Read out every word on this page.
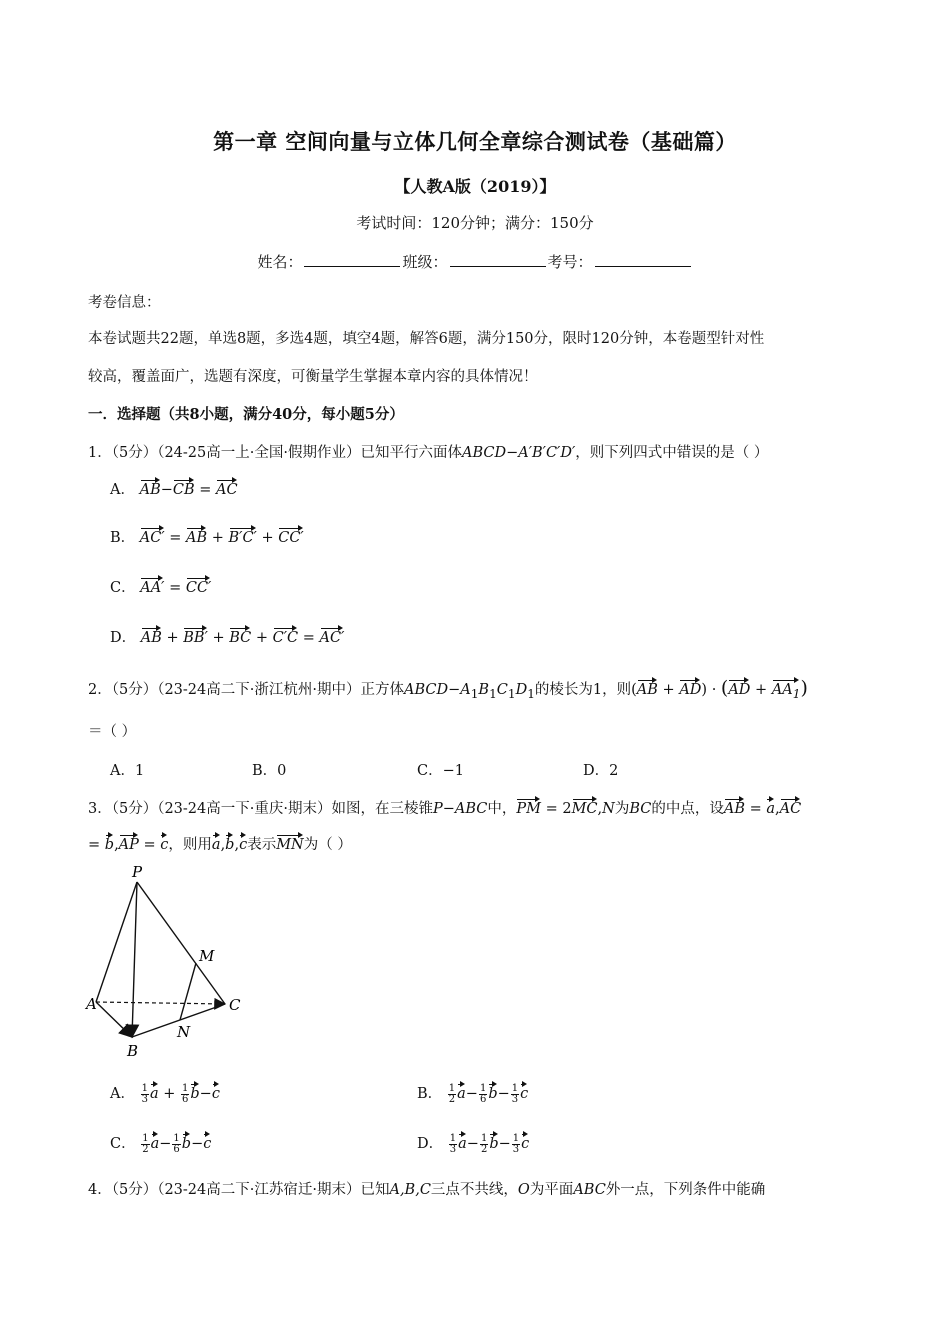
第一章 空间向量与立体几何全章综合测试卷（基础篇）
【人教A版（2019）】
考试时间：120分钟；满分：150分
姓名：	班级：	考号：
考卷信息：
本卷试题共22题，单选8题，多选4题，填空4题，解答6题，满分150分，限时120分钟，本卷题型针对性
较高，覆盖面广，选题有深度，可衡量学生掌握本章内容的具体情况！
一．选择题（共8小题，满分40分，每小题5分）
1．（5分）（24-25高一上·全国·假期作业）已知平行六面体ABCD−A′B′C′D′，则下列四式中错误的是（ ）
A． AB−CB = AC
B． AC′ = AB + B′C′ + CC′
C． AA′ = CC′
D． AB + BB′ + BC + C′C = AC′
2．（5分）（23-24高二下·浙江杭州·期中）正方体$ABCD-A_1B_1C_1D_1$的棱长为1，则$(AB + AD) \cdot (AD + AA_1)$
＝（ ）
A．1	B．0	C．−1	D．2
3．（5分）（23-24高一下·重庆·期末）如图，在三棱锥P−ABC中，PM = 2MC,N为BC的中点，设AB = a,AC
= b,AP = c，则用a,b,c表示MN为（ ）
P
A
B
C
M
N
A． $\frac{1}{3}$ $a + \frac{1}{6} b-c$	B． $\frac{1}{2} a- \frac{1}{6} b- \frac{1}{3}$ c
C． $\frac{1}{2} a- \frac{1}{6} b-c$	D． $\frac{1}{3} a- \frac{1}{2} b- \frac{1}{3}$ c
4．（5分）（23-24高二下·江苏宿迁·期末）已知A,B,C三点不共线，O为平面ABC外一点，下列条件中能确
